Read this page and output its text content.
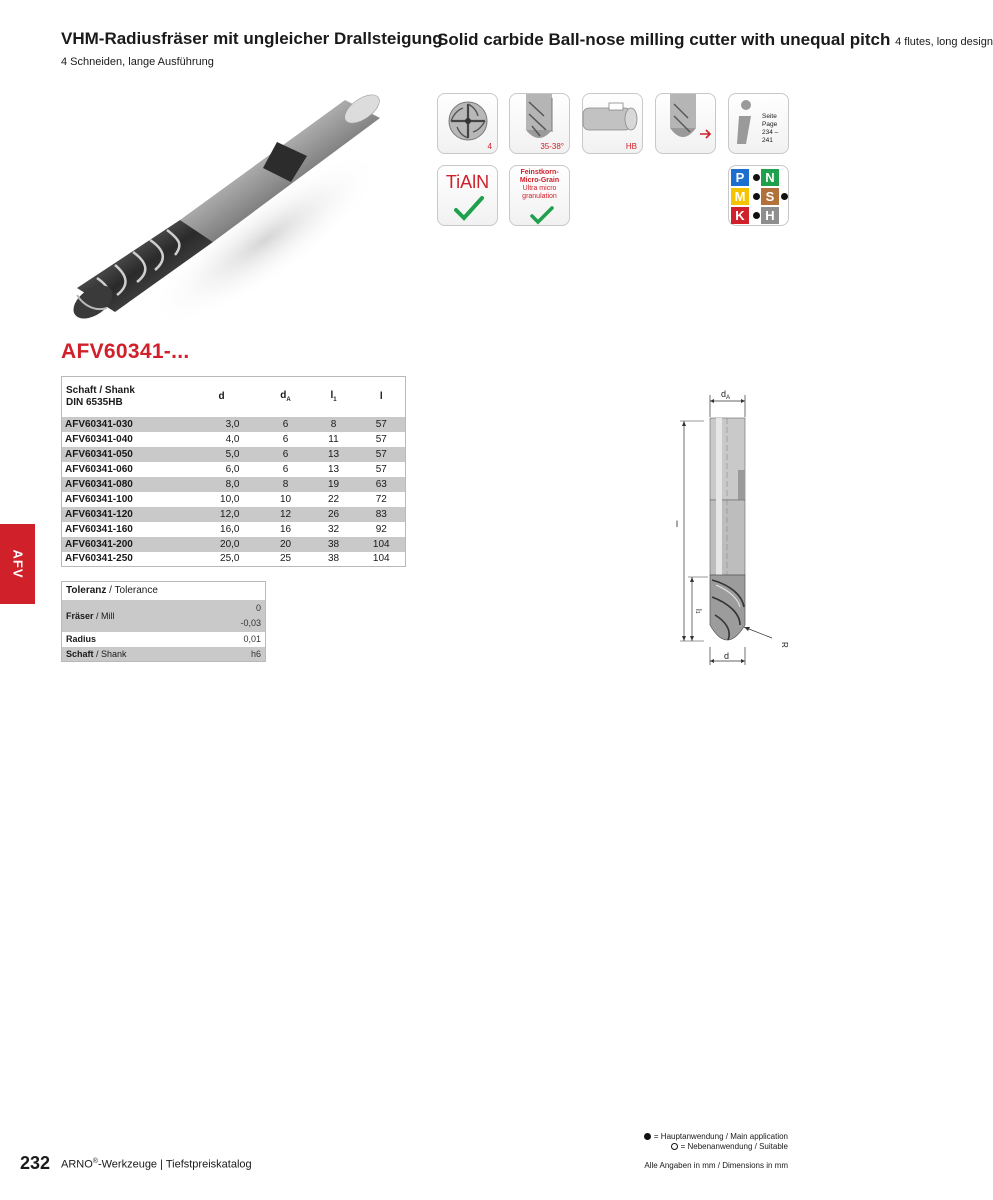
VHM-Radiusfräser mit ungleicher Drallsteigung
4 Schneiden, lange Ausführung
Solid carbide Ball-nose milling cutter with unequal pitch 4 flutes, long design
4	35-38°	HB
Seite Page
234 – 241
TiAlN	Feinstkorn-
Micro-Grain
Ultra micro
granulation
P	N
M	S
K	H
AFV60341-...
Schaft / Shank
DIN 6535HB	d	$d_A$	$l_1$	l
AFV60341-030	3,0	6	8	57
AFV60341-040	4,0	6	11	57
AFV60341-050	5,0	6	13	57
AFV60341-060	6,0	6	13	57
AFV60341-080	8,0	8	19	63
AFV60341-100	10,0	10	22	72
AFV60341-120	12,0	12	26	83
AFV60341-160	16,0	16	32	92
AFV60341-200	20,0	20	38	104
AFV60341-250	25,0	25	38	104
Toleranz / Tolerance	
Fräser / Mill	0
-0,03

Radius	0,01
Schaft / Shank	h6
$d_A$
l
l1
R
d
AFV
232 ARNO®-Werkzeuge | Tiefstpreiskatalog
= Hauptanwendung / Main application
= Nebenanwendung / Suitable
Alle Angaben in mm / Dimensions in mm
